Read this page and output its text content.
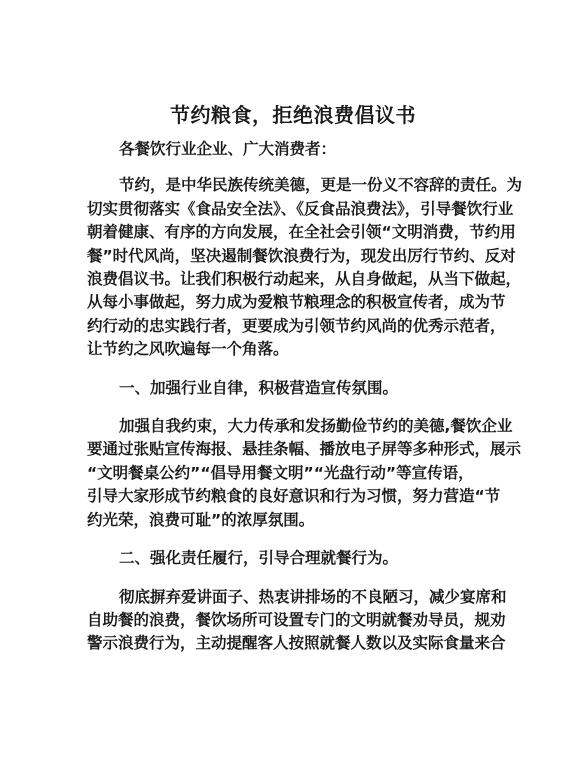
节约粮食，拒绝浪费倡议书
各餐饮行业企业、广大消费者：
节约，是中华民族传统美德，更是一份义不容辞的责任。为
切实贯彻落实《食品安全法》、《反食品浪费法》，引导餐饮行业
朝着健康、有序的方向发展，在全社会引领“文明消费，节约用
餐”时代风尚，坚决遏制餐饮浪费行为，现发出厉行节约、反对
浪费倡议书。让我们积极行动起来，从自身做起，从当下做起，
从每小事做起，努力成为爱粮节粮理念的积极宣传者，成为节
约行动的忠实践行者，更要成为引领节约风尚的优秀示范者，
让节约之风吹遍每一个角落。
一、加强行业自律，积极营造宣传氛围。
加强自我约束，大力传承和发扬勤俭节约的美德,餐饮企业
要通过张贴宣传海报、悬挂条幅、播放电子屏等多种形式，展示
“文明餐桌公约”“倡导用餐文明”“光盘行动”等宣传语，
引导大家形成节约粮食的良好意识和行为习惯，努力营造“节
约光荣，浪费可耻”的浓厚氛围。
二、强化责任履行，引导合理就餐行为。
彻底摒弃爱讲面子、热衷讲排场的不良陋习，减少宴席和
自助餐的浪费，餐饮场所可设置专门的文明就餐劝导员，规劝
警示浪费行为，主动提醒客人按照就餐人数以及实际食量来合
